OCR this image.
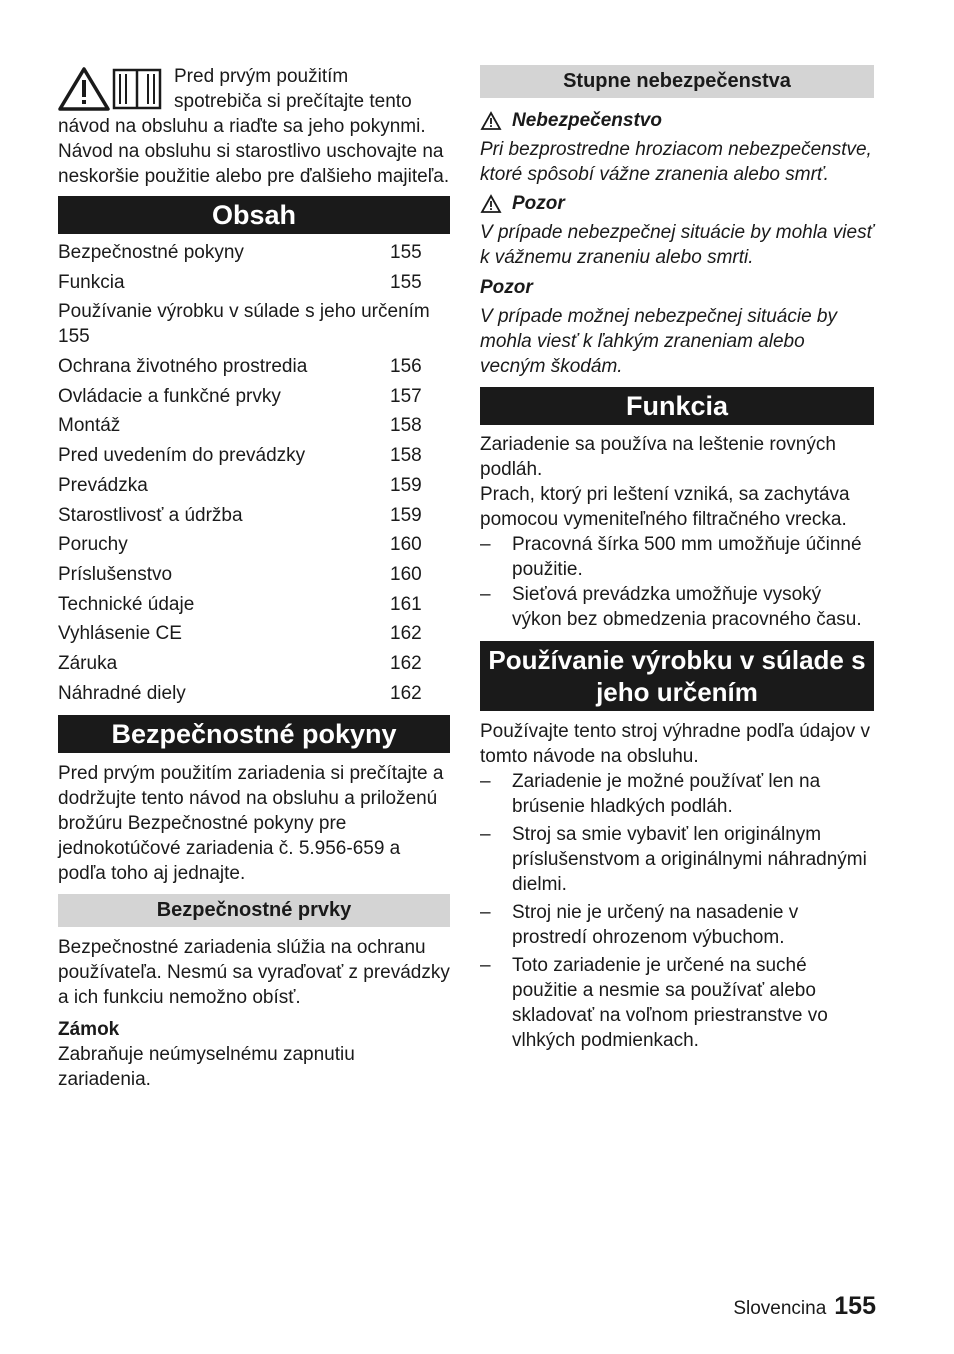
Pred prvým použitím

spotrebiča si prečítajte tento

návod na obsluhu a riaďte sa jeho pokynmi. Návod na obsluhu si starostlivo uschovajte na neskoršie použitie alebo pre ďalšieho majiteľa.

Obsah
Bezpečnostné pokyny	155
Funkcia	155
Používanie výrobku v súlade s jeho určením 155
Ochrana životného prostredia	156
Ovládacie a funkčné prvky	157
Montáž	158
Pred uvedením do prevádzky	158
Prevádzka	159
Starostlivosť a údržba	159
Poruchy	160
Príslušenstvo	160
Technické údaje	161
Vyhlásenie CE	162
Záruka	162
Náhradné diely	162
Bezpečnostné pokyny

Pred prvým použitím zariadenia si prečítajte a dodržujte tento návod na obsluhu a priloženú brožúru Bezpečnostné pokyny pre jednokotúčové zariadenia č. 5.956-659 a podľa toho aj jednajte.

Bezpečnostné prvky

Bezpečnostné zariadenia slúžia na ochranu používateľa. Nesmú sa vyraďovať z prevádzky a ich funkciu nemožno obísť.

Zámok

Zabraňuje neúmyselnému zapnutiu zariadenia.

Stupne nebezpečenstva
Nebezpečenstvo

Pri bezprostredne hroziacom nebezpečenstve, ktoré spôsobí vážne zranenia alebo smrť.

Pozor

V prípade nebezpečnej situácie by mohla viesť k vážnemu zraneniu alebo smrti.

Pozor

V prípade možnej nebezpečnej situácie by mohla viesť k ľahkým zraneniam alebo vecným škodám.

Funkcia

Zariadenie sa používa na leštenie rovných podláh.

Prach, ktorý pri leštení vzniká, sa zachytáva pomocou vymeniteľného filtračného vrecka.

–	Pracovná šírka 500 mm umožňuje účinné použitie.
–	Sieťová prevádzka umožňuje vysoký výkon bez obmedzenia pracovného času.
Používanie výrobku v súlade s
jeho určením

Používajte tento stroj výhradne podľa údajov v tomto návode na obsluhu.

–	Zariadenie je možné používať len na brúsenie hladkých podláh.
–	Stroj sa smie vybaviť len originálnym príslušenstvom a originálnymi náhradnými dielmi.
–	Stroj nie je určený na nasadenie v prostredí ohrozenom výbuchom.
–	Toto zariadenie je určené na suché použitie a nesmie sa používať alebo skladovať na voľnom priestranstve vo vlhkých podmienkach.
Slovencina 155
